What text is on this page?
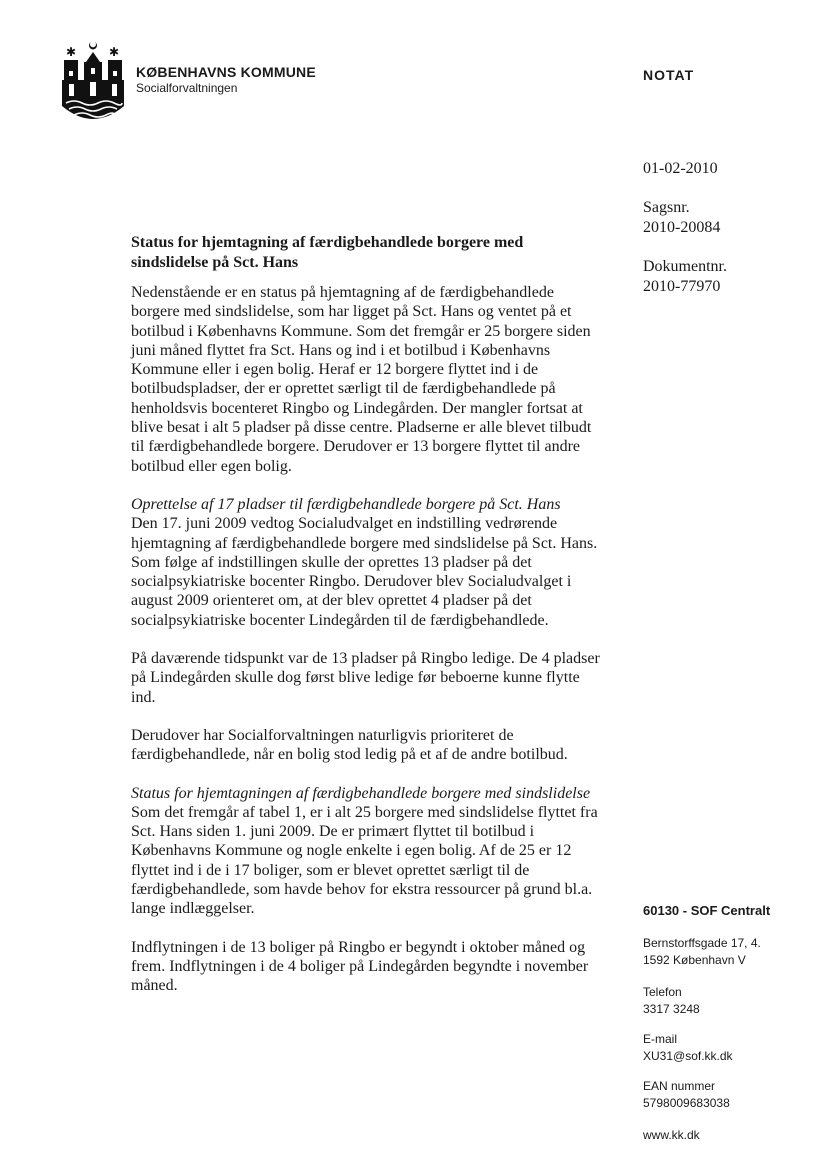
✱	✱
KØBENHAVNS KOMMUNE
Socialforvaltningen
NOTAT
01-02-2010
Sagsnr.
2010-20084
Dokumentnr.
2010-77970
Status for hjemtagning af færdigbehandlede borgere med sindslidelse på Sct. Hans

Nedenstående er en status på hjemtagning af de færdigbehandlede borgere med sindslidelse, som har ligget på Sct. Hans og ventet på et botilbud i Københavns Kommune. Som det fremgår er 25 borgere siden juni måned flyttet fra Sct. Hans og ind i et botilbud i Københavns Kommune eller i egen bolig. Heraf er 12 borgere flyttet ind i de botilbudspladser, der er oprettet særligt til de færdigbehandlede på henholdsvis bocenteret Ringbo og Lindegården. Der mangler fortsat at blive besat i alt 5 pladser på disse centre. Pladserne er alle blevet tilbudt til færdigbehandlede borgere. Derudover er 13 borgere flyttet til andre botilbud eller egen bolig.

Oprettelse af 17 pladser til færdigbehandlede borgere på Sct. Hans
Den 17. juni 2009 vedtog Socialudvalget en indstilling vedrørende hjemtagning af færdigbehandlede borgere med sindslidelse på Sct. Hans. Som følge af indstillingen skulle der oprettes 13 pladser på det socialpsykiatriske bocenter Ringbo. Derudover blev Socialudvalget i august 2009 orienteret om, at der blev oprettet 4 pladser på det socialpsykiatriske bocenter Lindegården til de færdigbehandlede.

På daværende tidspunkt var de 13 pladser på Ringbo ledige. De 4 pladser på Lindegården skulle dog først blive ledige før beboerne kunne flytte ind.

Derudover har Socialforvaltningen naturligvis prioriteret de færdigbehandlede, når en bolig stod ledig på et af de andre botilbud.

Status for hjemtagningen af færdigbehandlede borgere med sindslidelse
Som det fremgår af tabel 1, er i alt 25 borgere med sindslidelse flyttet fra Sct. Hans siden 1. juni 2009. De er primært flyttet til botilbud i Københavns Kommune og nogle enkelte i egen bolig. Af de 25 er 12 flyttet ind i de i 17 boliger, som er blevet oprettet særligt til de færdigbehandlede, som havde behov for ekstra ressourcer på grund bl.a. lange indlæggelser.

Indflytningen i de 13 boliger på Ringbo er begyndt i oktober måned og frem. Indflytningen i de 4 boliger på Lindegården begyndte i november måned.

60130 - SOF Centralt
Bernstorffsgade 17, 4.
1592 København V
Telefon
3317 3248
E-mail
XU31@sof.kk.dk
EAN nummer
5798009683038
www.kk.dk
